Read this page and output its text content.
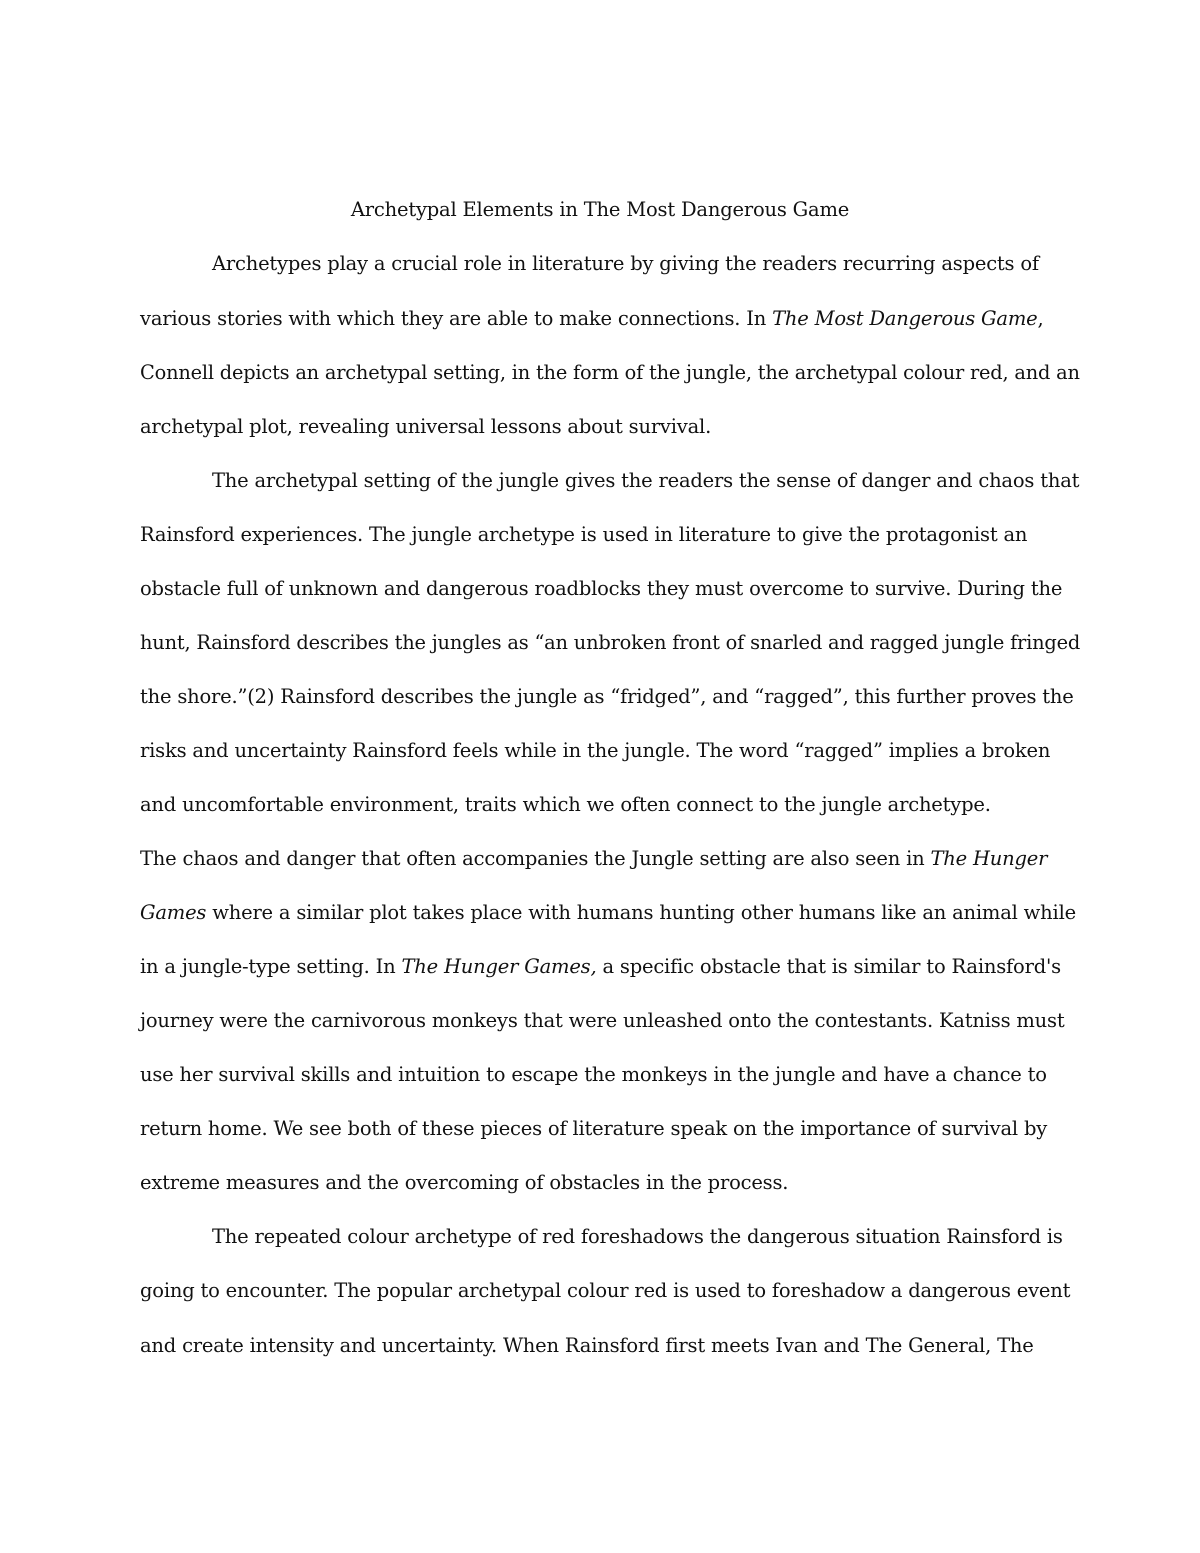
Archetypal Elements in The Most Dangerous Game
Archetypes play a crucial role in literature by giving the readers recurring aspects of
various stories with which they are able to make connections. In The Most Dangerous Game,
Connell depicts an archetypal setting, in the form of the jungle, the archetypal colour red, and an
archetypal plot, revealing universal lessons about survival.
The archetypal setting of the jungle gives the readers the sense of danger and chaos that
Rainsford experiences. The jungle archetype is used in literature to give the protagonist an
obstacle full of unknown and dangerous roadblocks they must overcome to survive. During the
hunt, Rainsford describes the jungles as “an unbroken front of snarled and ragged jungle fringed
the shore.”(2) Rainsford describes the jungle as “fridged”, and “ragged”, this further proves the
risks and uncertainty Rainsford feels while in the jungle. The word “ragged” implies a broken
and uncomfortable environment, traits which we often connect to the jungle archetype.
The chaos and danger that often accompanies the Jungle setting are also seen in The Hunger
Games where a similar plot takes place with humans hunting other humans like an animal while
in a jungle-type setting. In The Hunger Games, a specific obstacle that is similar to Rainsford's
journey were the carnivorous monkeys that were unleashed onto the contestants. Katniss must
use her survival skills and intuition to escape the monkeys in the jungle and have a chance to
return home. We see both of these pieces of literature speak on the importance of survival by
extreme measures and the overcoming of obstacles in the process.
The repeated colour archetype of red foreshadows the dangerous situation Rainsford is
going to encounter. The popular archetypal colour red is used to foreshadow a dangerous event
and create intensity and uncertainty. When Rainsford first meets Ivan and The General, The
